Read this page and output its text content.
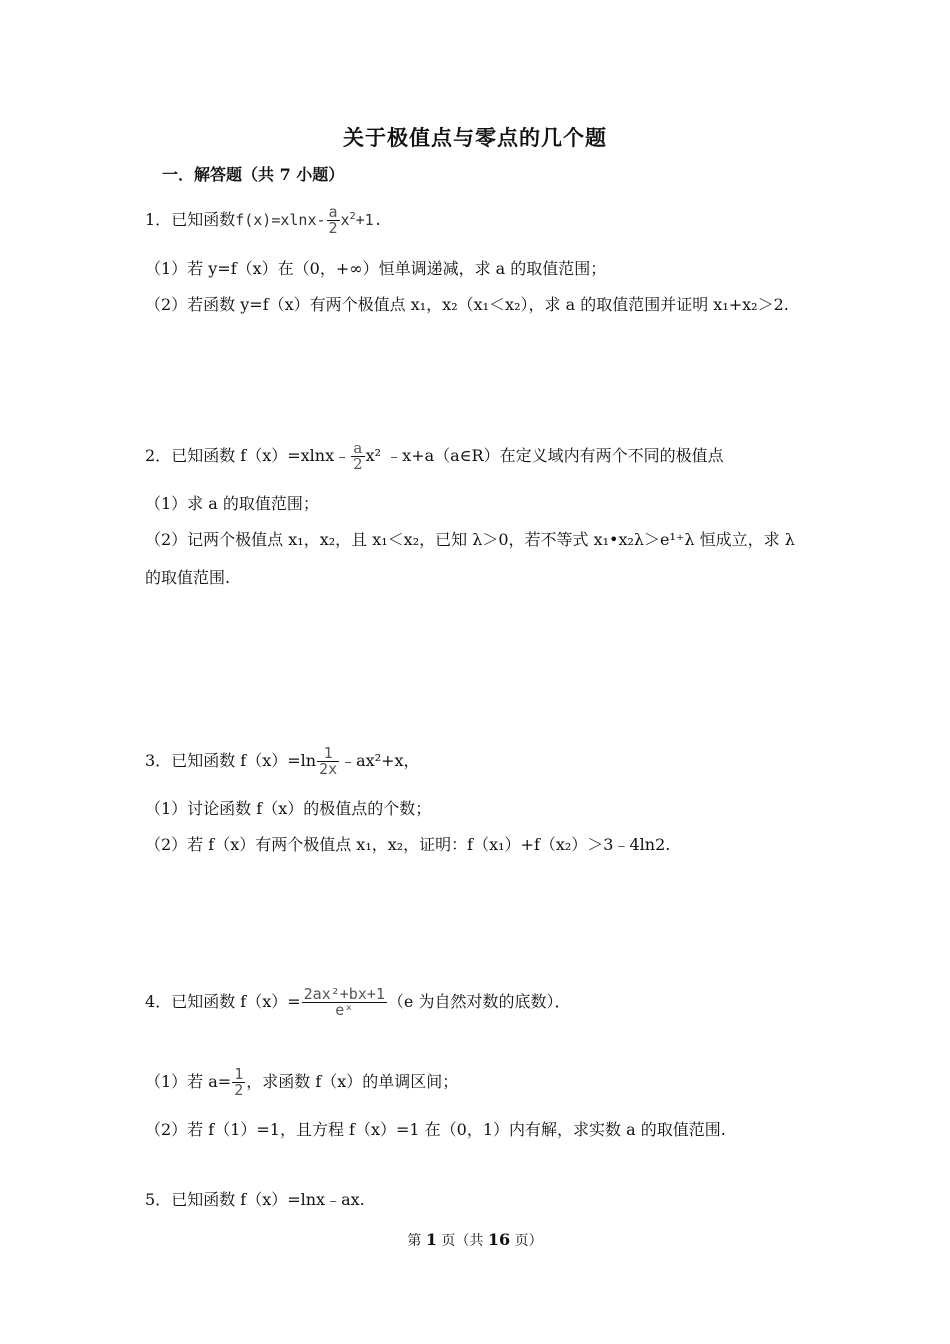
关于极值点与零点的几个题
一．解答题（共 7 小题）
1．已知函数$f(x)=xlnx- \frac{a}{2} x^2+1$.
（1）若 y=f（x）在（0，+∞）恒单调递减，求 a 的取值范围；
（2）若函数 y=f（x）有两个极值点 x₁，x₂（x₁＜x₂），求 a 的取值范围并证明 x₁+x₂＞2.
2．已知函数 f（x）=xlnx﹣ $\frac{a}{2} x^2$ ﹣x+a（a∈R）在定义域内有两个不同的极值点
（1）求 a 的取值范围；
（2）记两个极值点 x₁，x₂，且 x₁＜x₂，已知 λ＞0，若不等式 x₁•x₂λ＞e¹⁺λ 恒成立，求 λ
的取值范围.
3．已知函数 $f(x)=\ln \frac{1}{2x}$ ﹣ax²+x，
（1）讨论函数 f（x）的极值点的个数；
（2）若 f（x）有两个极值点 x₁，x₂，证明：f（x₁）+f（x₂）＞3﹣4ln2.
4．已知函数 $f(x)= \frac{\text{2ax²+bx+1}}{\text{eˣ}} (e$ 为自然对数的底数）．
（1）若 $a= \frac{1}{2}$ ，求函数 f（x）的单调区间；
（2）若 f（1）=1，且方程 f（x）=1 在（0，1）内有解，求实数 a 的取值范围.
5．已知函数 f（x）=lnx﹣ax.
第 1 页（共 16 页）
